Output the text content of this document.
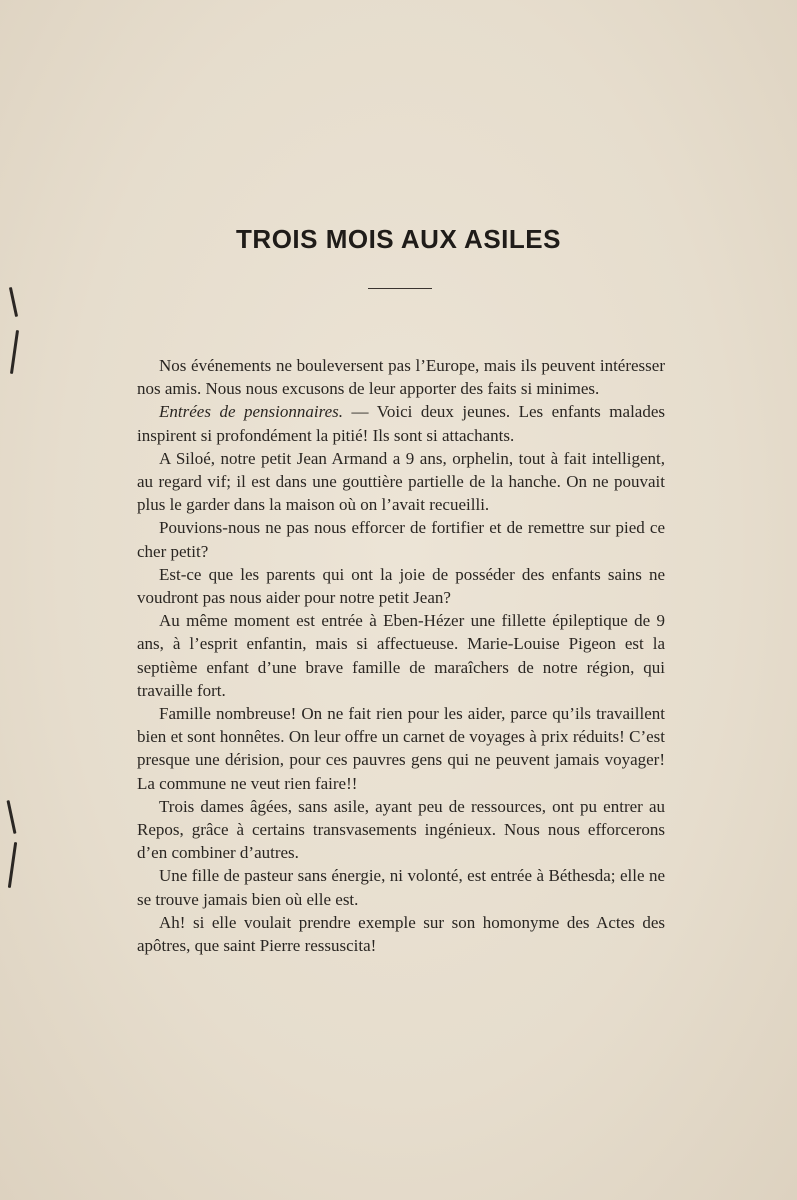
TROIS MOIS AUX ASILES

Nos événements ne bouleversent pas l’Europe, mais ils peuvent intéresser nos amis. Nous nous excusons de leur apporter des faits si minimes.

Entrées de pensionnaires. — Voici deux jeunes. Les enfants malades inspirent si profondément la pitié! Ils sont si attachants.

A Siloé, notre petit Jean Armand a 9 ans, orphelin, tout à fait intelligent, au regard vif; il est dans une gouttière partielle de la hanche. On ne pouvait plus le garder dans la maison où on l’avait recueilli.

Pouvions-nous ne pas nous efforcer de fortifier et de remettre sur pied ce cher petit?

Est-ce que les parents qui ont la joie de posséder des enfants sains ne voudront pas nous aider pour notre petit Jean?

Au même moment est entrée à Eben-Hézer une fillette épileptique de 9 ans, à l’esprit enfantin, mais si affectueuse. Marie-Louise Pigeon est la septième enfant d’une brave famille de maraîchers de notre région, qui travaille fort.

Famille nombreuse! On ne fait rien pour les aider, parce qu’ils travaillent bien et sont honnêtes. On leur offre un carnet de voyages à prix réduits! C’est presque une dérision, pour ces pauvres gens qui ne peuvent jamais voyager! La commune ne veut rien faire!!

Trois dames âgées, sans asile, ayant peu de ressources, ont pu entrer au Repos, grâce à certains transvasements ingénieux. Nous nous efforcerons d’en combiner d’autres.

Une fille de pasteur sans énergie, ni volonté, est entrée à Béthesda; elle ne se trouve jamais bien où elle est.

Ah! si elle voulait prendre exemple sur son homonyme des Actes des apôtres, que saint Pierre ressuscita!
